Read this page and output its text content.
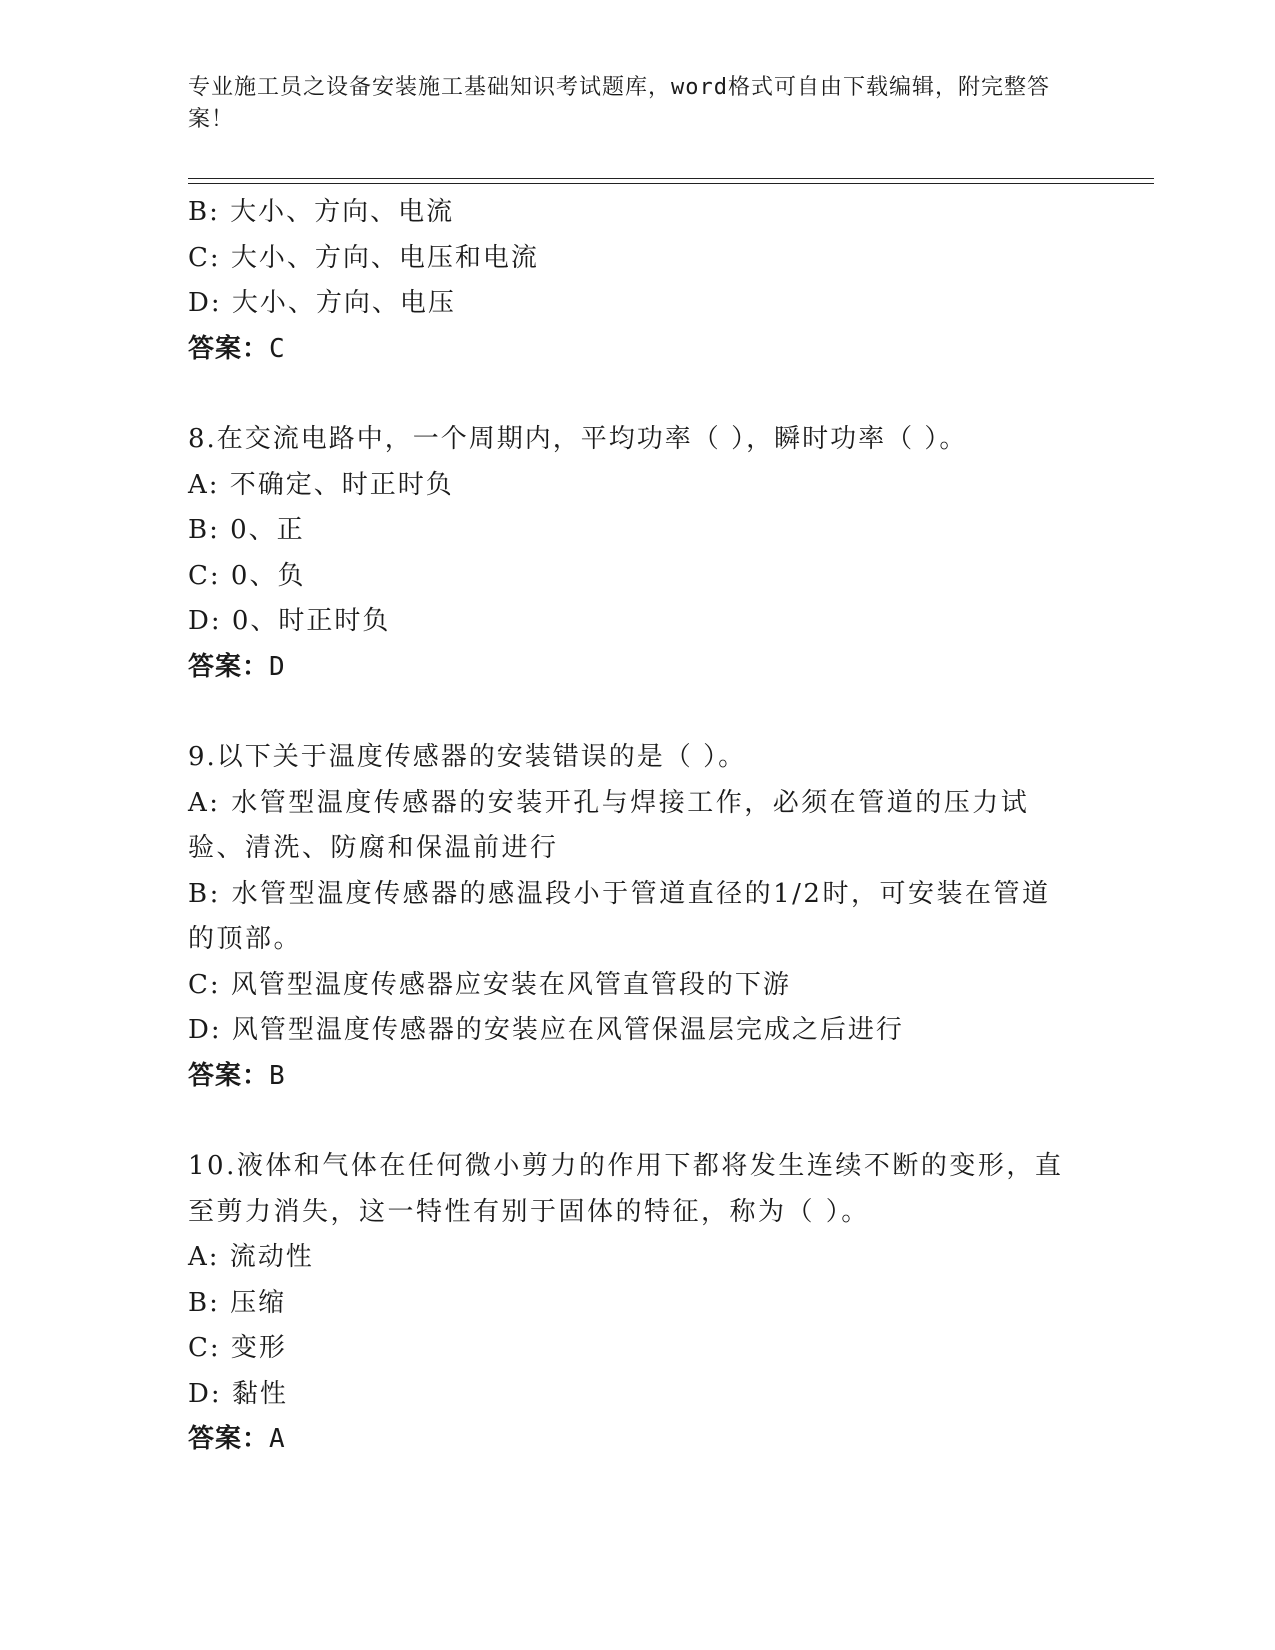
专业施工员之设备安装施工基础知识考试题库，word格式可自由下载编辑，附完整答案！
B: 大小、方向、电流
C: 大小、方向、电压和电流
D: 大小、方向、电压
答案：C
8.在交流电路中，一个周期内，平均功率（ ），瞬时功率（ ）。
A: 不确定、时正时负
B: 0、正
C: 0、负
D: 0、时正时负
答案：D
9.以下关于温度传感器的安装错误的是（ ）。
A: 水管型温度传感器的安装开孔与焊接工作，必须在管道的压力试验、清洗、防腐和保温前进行
B: 水管型温度传感器的感温段小于管道直径的1/2时，可安装在管道的顶部。
C: 风管型温度传感器应安装在风管直管段的下游
D: 风管型温度传感器的安装应在风管保温层完成之后进行
答案：B
10.液体和气体在任何微小剪力的作用下都将发生连续不断的变形，直至剪力消失，这一特性有别于固体的特征，称为（ ）。
A: 流动性
B: 压缩
C: 变形
D: 黏性
答案：A
